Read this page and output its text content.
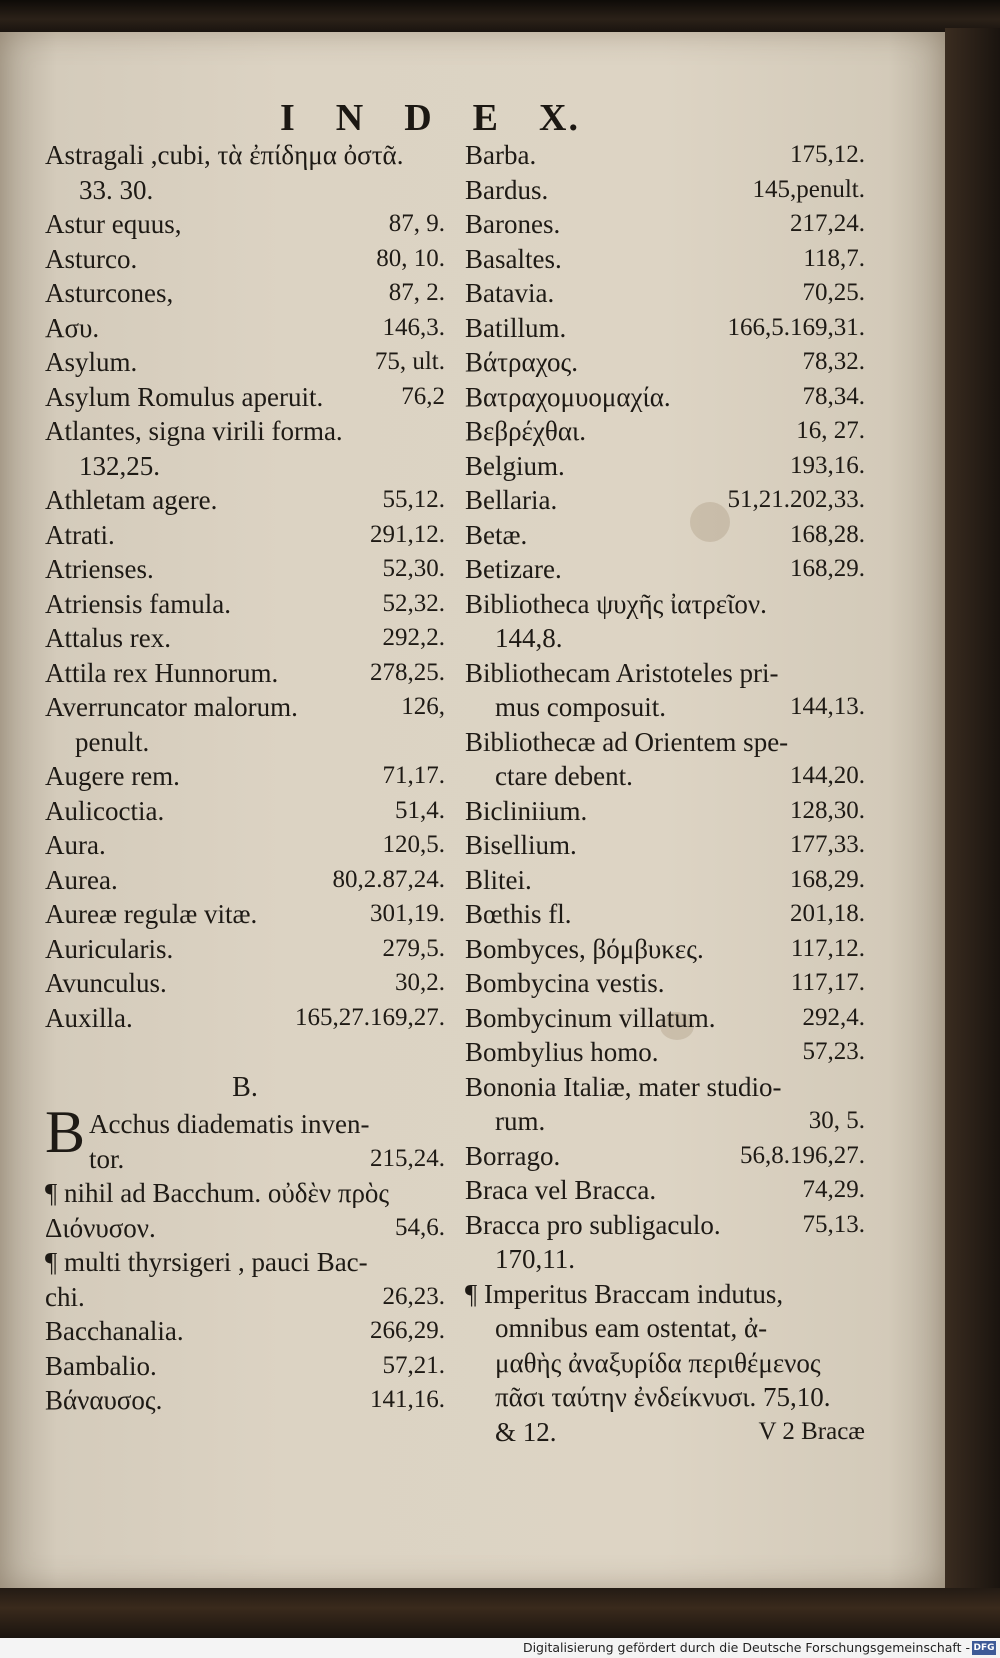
I N D E X.
Astragali ,cubi, τὰ ἐπίδημα ὀστᾶ.
33. 30.
Astur equus,	87, 9.
Asturco.	80, 10.
Asturcones,	87, 2.
Ασυ.	146,3.
Asylum.	75, ult.
Asylum Romulus aperuit.	76,2
Atlantes, signa virili forma.
132,25.
Athletam agere.	55,12.
Atrati.	291,12.
Atrienses.	52,30.
Atriensis famula.	52,32.
Attalus rex.	292,2.
Attila rex Hunnorum.	278,25.
Averruncator malorum.	126,
penult.
Augere rem.	71,17.
Aulicoctia.	51,4.
Aura.	120,5.
Aurea.	80,2.87,24.
Aureæ regulæ vitæ.	301,19.
Auricularis.	279,5.
Avunculus.	30,2.
Auxilla.	165,27.169,27.
B.
B Acchus diadematis inven-
tor.	215,24.
¶ nihil ad Bacchum. οὐδὲν πρὸς
Διόνυσον.	54,6.
¶ multi thyrsigeri , pauci Bac-
chi.	26,23.
Bacchanalia.	266,29.
Bambalio.	57,21.
Βάναυσος.	141,16.
Barba.	175,12.
Bardus.	145,penult.
Barones.	217,24.
Basaltes.	118,7.
Batavia.	70,25.
Batillum.	166,5.169,31.
Βάτραχος.	78,32.
Βατραχομυομαχία.	78,34.
Βεβρέχθαι.	16, 27.
Belgium.	193,16.
Bellaria.	51,21.202,33.
Betæ.	168,28.
Betizare.	168,29.
Bibliotheca ψυχῆς ἰατρεῖον.
144,8.
Bibliothecam Aristoteles pri-
mus composuit.	144,13.
Bibliothecæ ad Orientem spe-
ctare debent.	144,20.
Bicliniium.	128,30.
Bisellium.	177,33.
Blitei.	168,29.
Bœthis fl.	201,18.
Bombyces, βόμβυκες.	117,12.
Bombycina vestis.	117,17.
Bombycinum villatum.	292,4.
Bombylius homo.	57,23.
Bononia Italiæ, mater studio-
rum.	30, 5.
Borrago.	56,8.196,27.
Braca vel Bracca.	74,29.
Bracca pro subligaculo.	75,13.
170,11.
¶ Imperitus Braccam indutus,
omnibus eam ostentat, ἀ-
μαθὴς ἀναξυρίδα περιθέμενος
πᾶσι ταύτην ἐνδείκνυσι. 75,10.
& 12.	V 2 Bracæ
Digitalisierung gefördert durch die Deutsche Forschungsgemeinschaft - DFG
